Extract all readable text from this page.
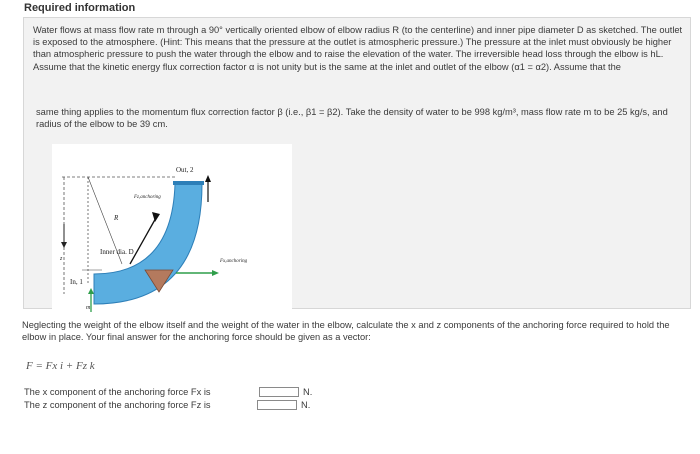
Required information

Water flows at mass flow rate m through a 90° vertically oriented elbow of elbow radius R (to the centerline) and inner pipe diameter D as sketched. The outlet is exposed to the atmosphere. (Hint: This means that the pressure at the outlet is atmospheric pressure.) The pressure at the inlet must obviously be higher than atmospheric pressure to push the water through the elbow and to raise the elevation of the water. The irreversible head loss through the elbow is hL. Assume that the kinetic energy flux correction factor α is not unity but is the same at the inlet and outlet of the elbow (α1 = α2). Assume that the

same thing applies to the momentum flux correction factor β (i.e., β1 = β2). Take the density of water to be 998 kg/m³, mass flow rate m to be 25 kg/s, and radius of the elbow to be 39 cm.

Out, 2
In, 1
Inner dia. D
R
Fz,anchoring
Fx,anchoring
z
m
Neglecting the weight of the elbow itself and the weight of the water in the elbow, calculate the x and z components of the anchoring force required to hold the elbow in place. Your final answer for the anchoring force should be given as a vector:
F = Fx i + Fz k
The x component of the anchoring force Fx is	N.
The z component of the anchoring force Fz is	N.
